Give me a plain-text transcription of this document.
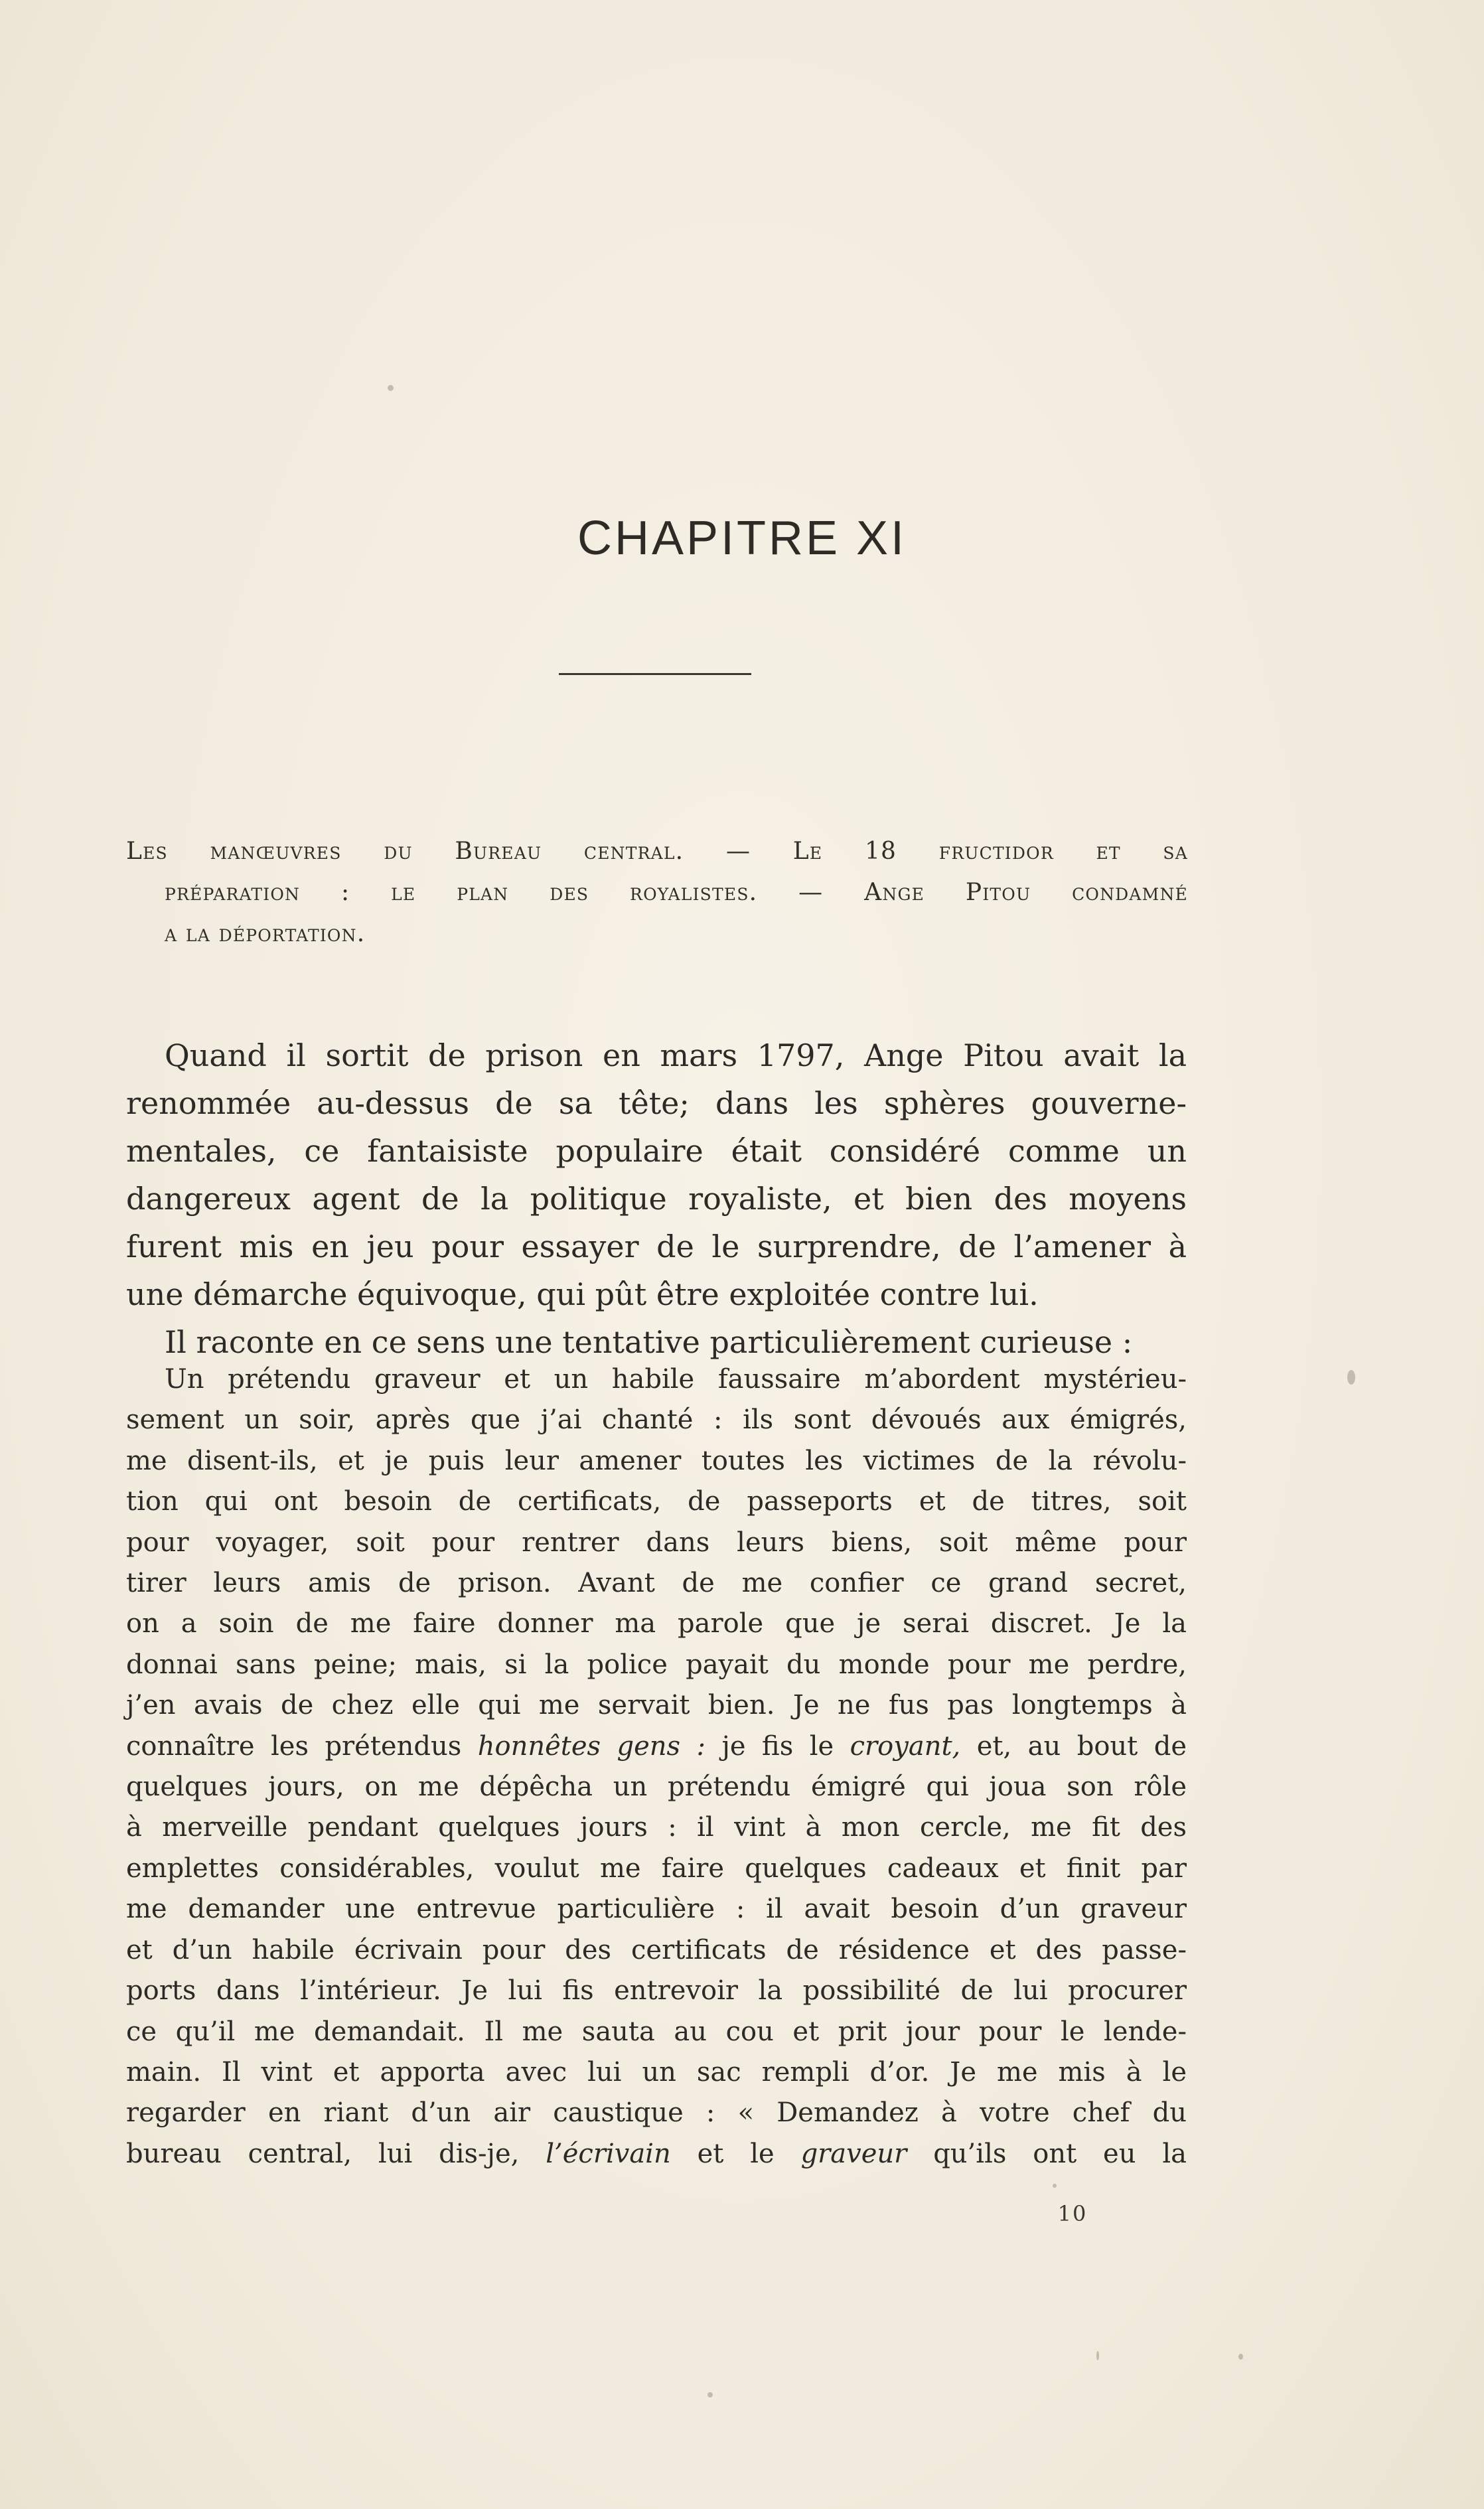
CHAPITRE XI

Les manœuvres du Bureau central. — Le 18 fructidor et sa
préparation : le plan des royalistes. — Ange Pitou condamné
a la déportation.

Quand il sortit de prison en mars 1797, Ange Pitou avait la
renommée au-dessus de sa tête; dans les sphères gouverne-
mentales, ce fantaisiste populaire était considéré comme un
dangereux agent de la politique royaliste, et bien des moyens
furent mis en jeu pour essayer de le surprendre, de l’amener à
une démarche équivoque, qui pût être exploitée contre lui.
Il raconte en ce sens une tentative particulièrement curieuse :
Un prétendu graveur et un habile faussaire m’abordent mystérieu-
sement un soir, après que j’ai chanté : ils sont dévoués aux émigrés,
me disent-ils, et je puis leur amener toutes les victimes de la révolu-
tion qui ont besoin de certificats, de passeports et de titres, soit
pour voyager, soit pour rentrer dans leurs biens, soit même pour
tirer leurs amis de prison. Avant de me confier ce grand secret,
on a soin de me faire donner ma parole que je serai discret. Je la
donnai sans peine; mais, si la police payait du monde pour me perdre,
j’en avais de chez elle qui me servait bien. Je ne fus pas longtemps à
connaître les prétendus honnêtes gens : je fis le croyant, et, au bout de
quelques jours, on me dépêcha un prétendu émigré qui joua son rôle
à merveille pendant quelques jours : il vint à mon cercle, me fit des
emplettes considérables, voulut me faire quelques cadeaux et finit par
me demander une entrevue particulière : il avait besoin d’un graveur
et d’un habile écrivain pour des certificats de résidence et des passe-
ports dans l’intérieur. Je lui fis entrevoir la possibilité de lui procurer
ce qu’il me demandait. Il me sauta au cou et prit jour pour le lende-
main. Il vint et apporta avec lui un sac rempli d’or. Je me mis à le
regarder en riant d’un air caustique : « Demandez à votre chef du
bureau central, lui dis-je, l’écrivain et le graveur qu’ils ont eu la
10
